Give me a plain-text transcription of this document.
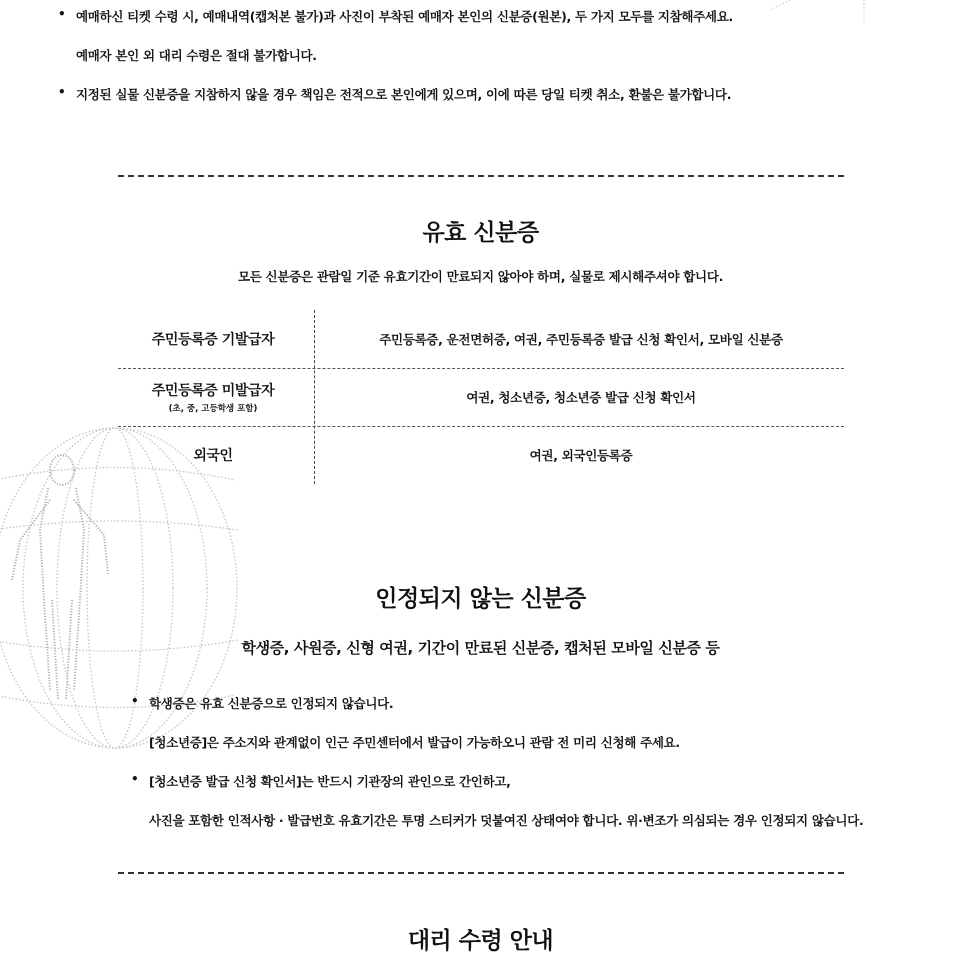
• 예매하신 티켓 수령 시, 예매내역(캡처본 불가)과 사진이 부착된 예매자 본인의 신분증(원본), 두 가지 모두를 지참해주세요.
예매자 본인 외 대리 수령은 절대 불가합니다.
• 지정된 실물 신분증을 지참하지 않을 경우 책임은 전적으로 본인에게 있으며, 이에 따른 당일 티켓 취소, 환불은 불가합니다.
유효 신분증
모든 신분증은 관람일 기준 유효기간이 만료되지 않아야 하며, 실물로 제시해주셔야 합니다.
주민등록증 기발급자	주민등록증, 운전면허증, 여권, 주민등록증 발급 신청 확인서, 모바일 신분증
주민등록증 미발급자
(초, 중, 고등학생 포함)
여권, 청소년증, 청소년증 발급 신청 확인서
외국인	여권, 외국인등록증
인정되지 않는 신분증
학생증, 사원증, 신형 여권, 기간이 만료된 신분증, 캡처된 모바일 신분증 등
• 학생증은 유효 신분증으로 인정되지 않습니다.
[청소년증]은 주소지와 관계없이 인근 주민센터에서 발급이 가능하오니 관람 전 미리 신청해 주세요.
• [청소년증 발급 신청 확인서]는 반드시 기관장의 관인으로 간인하고,
사진을 포함한 인적사항 · 발급번호 유효기간은 투명 스티커가 덧붙여진 상태여야 합니다. 위·변조가 의심되는 경우 인정되지 않습니다.
대리 수령 안내
